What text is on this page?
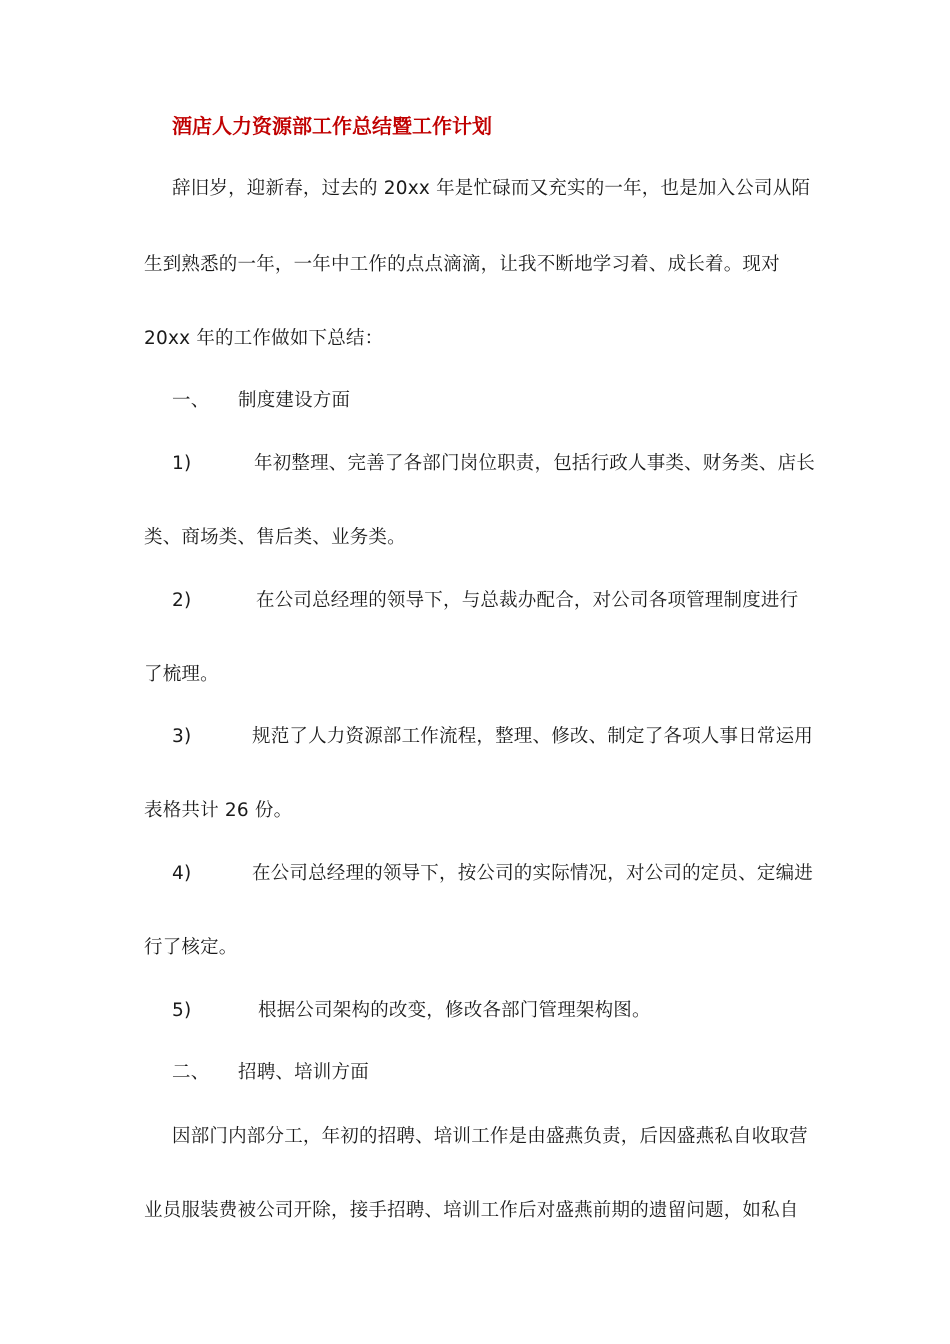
酒店人力资源部工作总结暨工作计划
辞旧岁，迎新春，过去的 20xx 年是忙碌而又充实的一年，也是加入公司从陌
生到熟悉的一年，一年中工作的点点滴滴，让我不断地学习着、成长着。现对
20xx 年的工作做如下总结：
一、 制度建设方面
1)	年初整理、完善了各部门岗位职责，包括行政人事类、财务类、店长
类、商场类、售后类、业务类。
2)	在公司总经理的领导下，与总裁办配合，对公司各项管理制度进行
了梳理。
3)	规范了人力资源部工作流程，整理、修改、制定了各项人事日常运用
表格共计 26 份。
4)	在公司总经理的领导下，按公司的实际情况，对公司的定员、定编进
行了核定。
5)	根据公司架构的改变，修改各部门管理架构图。
二、 招聘、培训方面
因部门内部分工，年初的招聘、培训工作是由盛燕负责，后因盛燕私自收取营
业员服装费被公司开除，接手招聘、培训工作后对盛燕前期的遗留问题，如私自
